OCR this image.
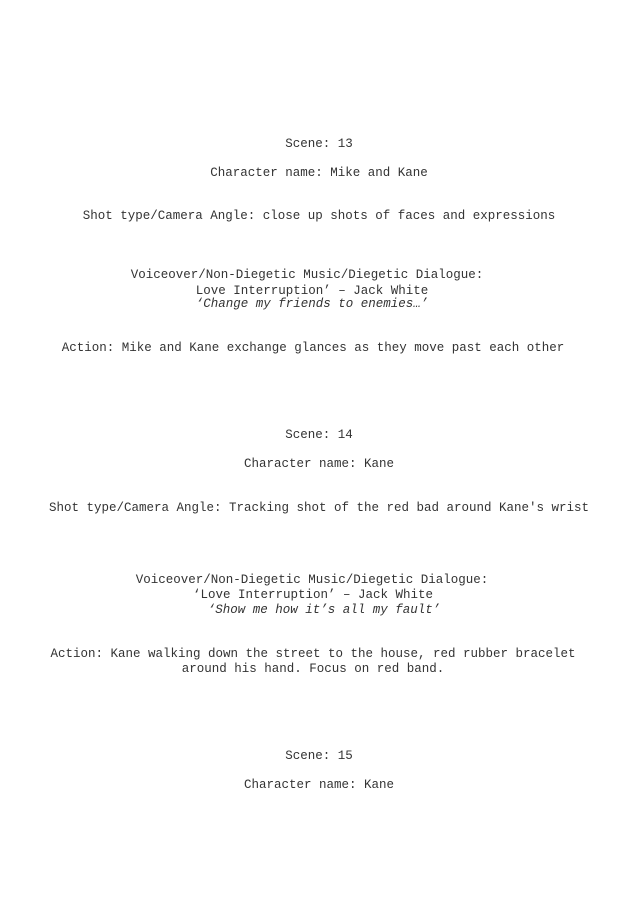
Scene: 13
Character name: Mike and Kane
Shot type/Camera Angle: close up shots of faces and expressions
Voiceover/Non-Diegetic Music/Diegetic Dialogue:
Love Interruption’ – Jack White
‘Change my friends to enemies…’
Action: Mike and Kane exchange glances as they move past each other
Scene: 14
Character name: Kane
Shot type/Camera Angle: Tracking shot of the red bad around Kane's wrist
Voiceover/Non-Diegetic Music/Diegetic Dialogue:
‘Love Interruption’ – Jack White
‘Show me how it’s all my fault’
Action: Kane walking down the street to the house, red rubber bracelet
around his hand. Focus on red band.
Scene: 15
Character name: Kane
